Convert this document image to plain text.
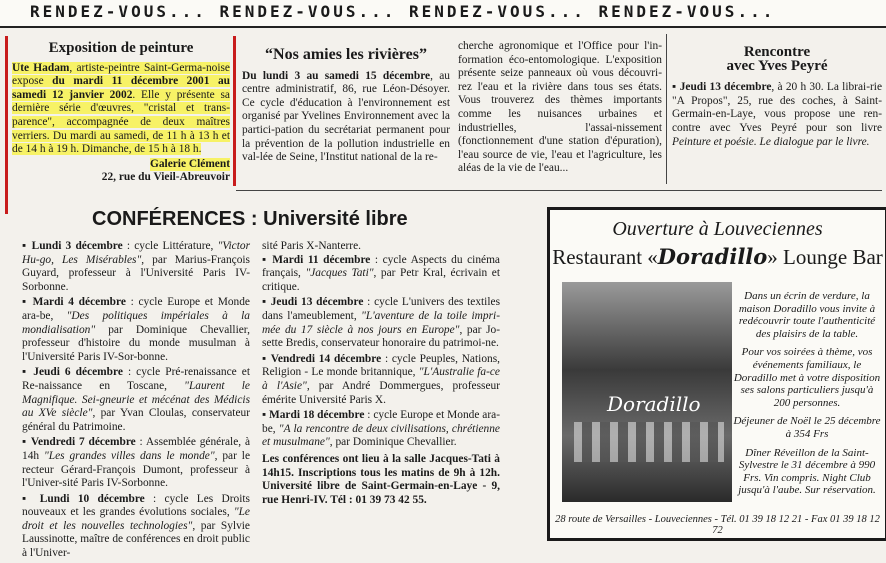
RENDEZ-VOUS... RENDEZ-VOUS... RENDEZ-VOUS... RENDEZ-VOUS...
Exposition de peinture

Ute Hadam, artiste-peintre Saint-Germa-noise expose du mardi 11 décembre 2001 au samedi 12 janvier 2002. Elle y présente sa dernière série d'œuvres, "cristal et trans-parence", accompagnée de deux maîtres verriers. Du mardi au samedi, de 11 h à 13 h et de 14 h à 19 h. Dimanche, de 15 h à 18 h.

Galerie Clément
22, rue du Vieil-Abreuvoir
“Nos amies les rivières”

Du lundi 3 au samedi 15 décembre, au centre administratif, 86, rue Léon-Désoyer. Ce cycle d'éducation à l'environnement est organisé par Yvelines Environnement avec la partici-pation du secrétariat permanent pour la prévention de la pollution industrielle en val-lée de Seine, l'Institut national de la re-

cherche agronomique et l'Office pour l'in-formation éco-entomologique. L'exposition présente seize panneaux où vous découvri-rez l'eau et la rivière dans tous ses états. Vous trouverez des thèmes importants comme les nuisances urbaines et industrielles, l'assai-nissement (fonctionnement d'une station d'épuration), l'eau source de vie, l'eau et l'agriculture, les aléas de la vie de l'eau...

Rencontre
avec Yves Peyré

▪ Jeudi 13 décembre, à 20 h 30. La librai-rie "A Propos", 25, rue des coches, à Saint-Germain-en-Laye, vous propose une ren-contre avec Yves Peyré pour son livre Peinture et poésie. Le dialogue par le livre.

CONFÉRENCES : Université libre

▪ Lundi 3 décembre : cycle Littérature, "Victor Hu-go, Les Misérables", par Marius-François Guyard, professeur à l'Université Paris IV-Sorbonne.

▪ Mardi 4 décembre : cycle Europe et Monde ara-be, "Des politiques impériales à la mondialisation" par Dominique Chevallier, professeur d'histoire du monde musulman à l'Université Paris IV-Sor-bonne.

▪ Jeudi 6 décembre : cycle Pré-renaissance et Re-naissance en Toscane, "Laurent le Magnifique. Sei-gneurie et mécénat des Médicis au XVe siècle", par Yvan Cloulas, conservateur général du Patrimoine.

▪ Vendredi 7 décembre : Assemblée générale, à 14h "Les grandes villes dans le monde", par le recteur Gérard-François Dumont, professeur à l'Univer-sité Paris IV-Sorbonne.

▪ Lundi 10 décembre : cycle Les Droits nouveaux et les grandes évolutions sociales, "Le droit et les nouvelles technologies", par Sylvie Laussinotte, maître de conférences en droit public à l'Univer-

sité Paris X-Nanterre.

▪ Mardi 11 décembre : cycle Aspects du cinéma français, "Jacques Tati", par Petr Kral, écrivain et critique.

▪ Jeudi 13 décembre : cycle L'univers des textiles dans l'ameublement, "L'aventure de la toile impri-mée du 17 siècle à nos jours en Europe", par Jo-sette Bredis, conservateur honoraire du patrimoi-ne.

▪ Vendredi 14 décembre : cycle Peuples, Nations, Religion - Le monde britannique, "L'Australie fa-ce à l'Asie", par André Dommergues, professeur émérite Université Paris X.

▪ Mardi 18 décembre : cycle Europe et Monde ara-be, "A la rencontre de deux civilisations, chrétienne et musulmane", par Dominique Chevallier.

Les conférences ont lieu à la salle Jacques-Tati à 14h15. Inscriptions tous les matins de 9h à 12h. Université libre de Saint-Germain-en-Laye - 9, rue Henri-IV. Tél : 01 39 73 42 55.

Ouverture à Louveciennes
Restaurant «Doradillo» Lounge Bar
Doradillo
Dans un écrin de verdure, la maison Doradillo vous invite à redécouvrir toute l'authenticité des plaisirs de la table.
Pour vos soirées à thème, vos événements familiaux, le Doradillo met à votre disposition ses salons particuliers jusqu'à 200 personnes.
Déjeuner de Noël le 25 décembre à 354 Frs
Dîner Réveillon de la Saint-Sylvestre le 31 décembre à 990 Frs. Vin compris. Night Club jusqu'à l'aube. Sur réservation.
28 route de Versailles - Louveciennes - Tél. 01 39 18 12 21 - Fax 01 39 18 12 72
